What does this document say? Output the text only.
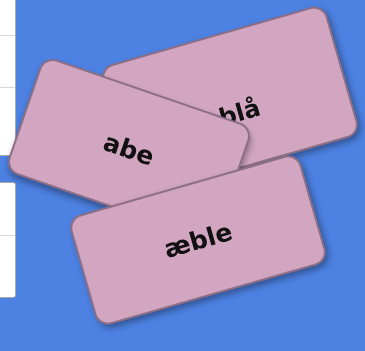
blå
abe
æble
